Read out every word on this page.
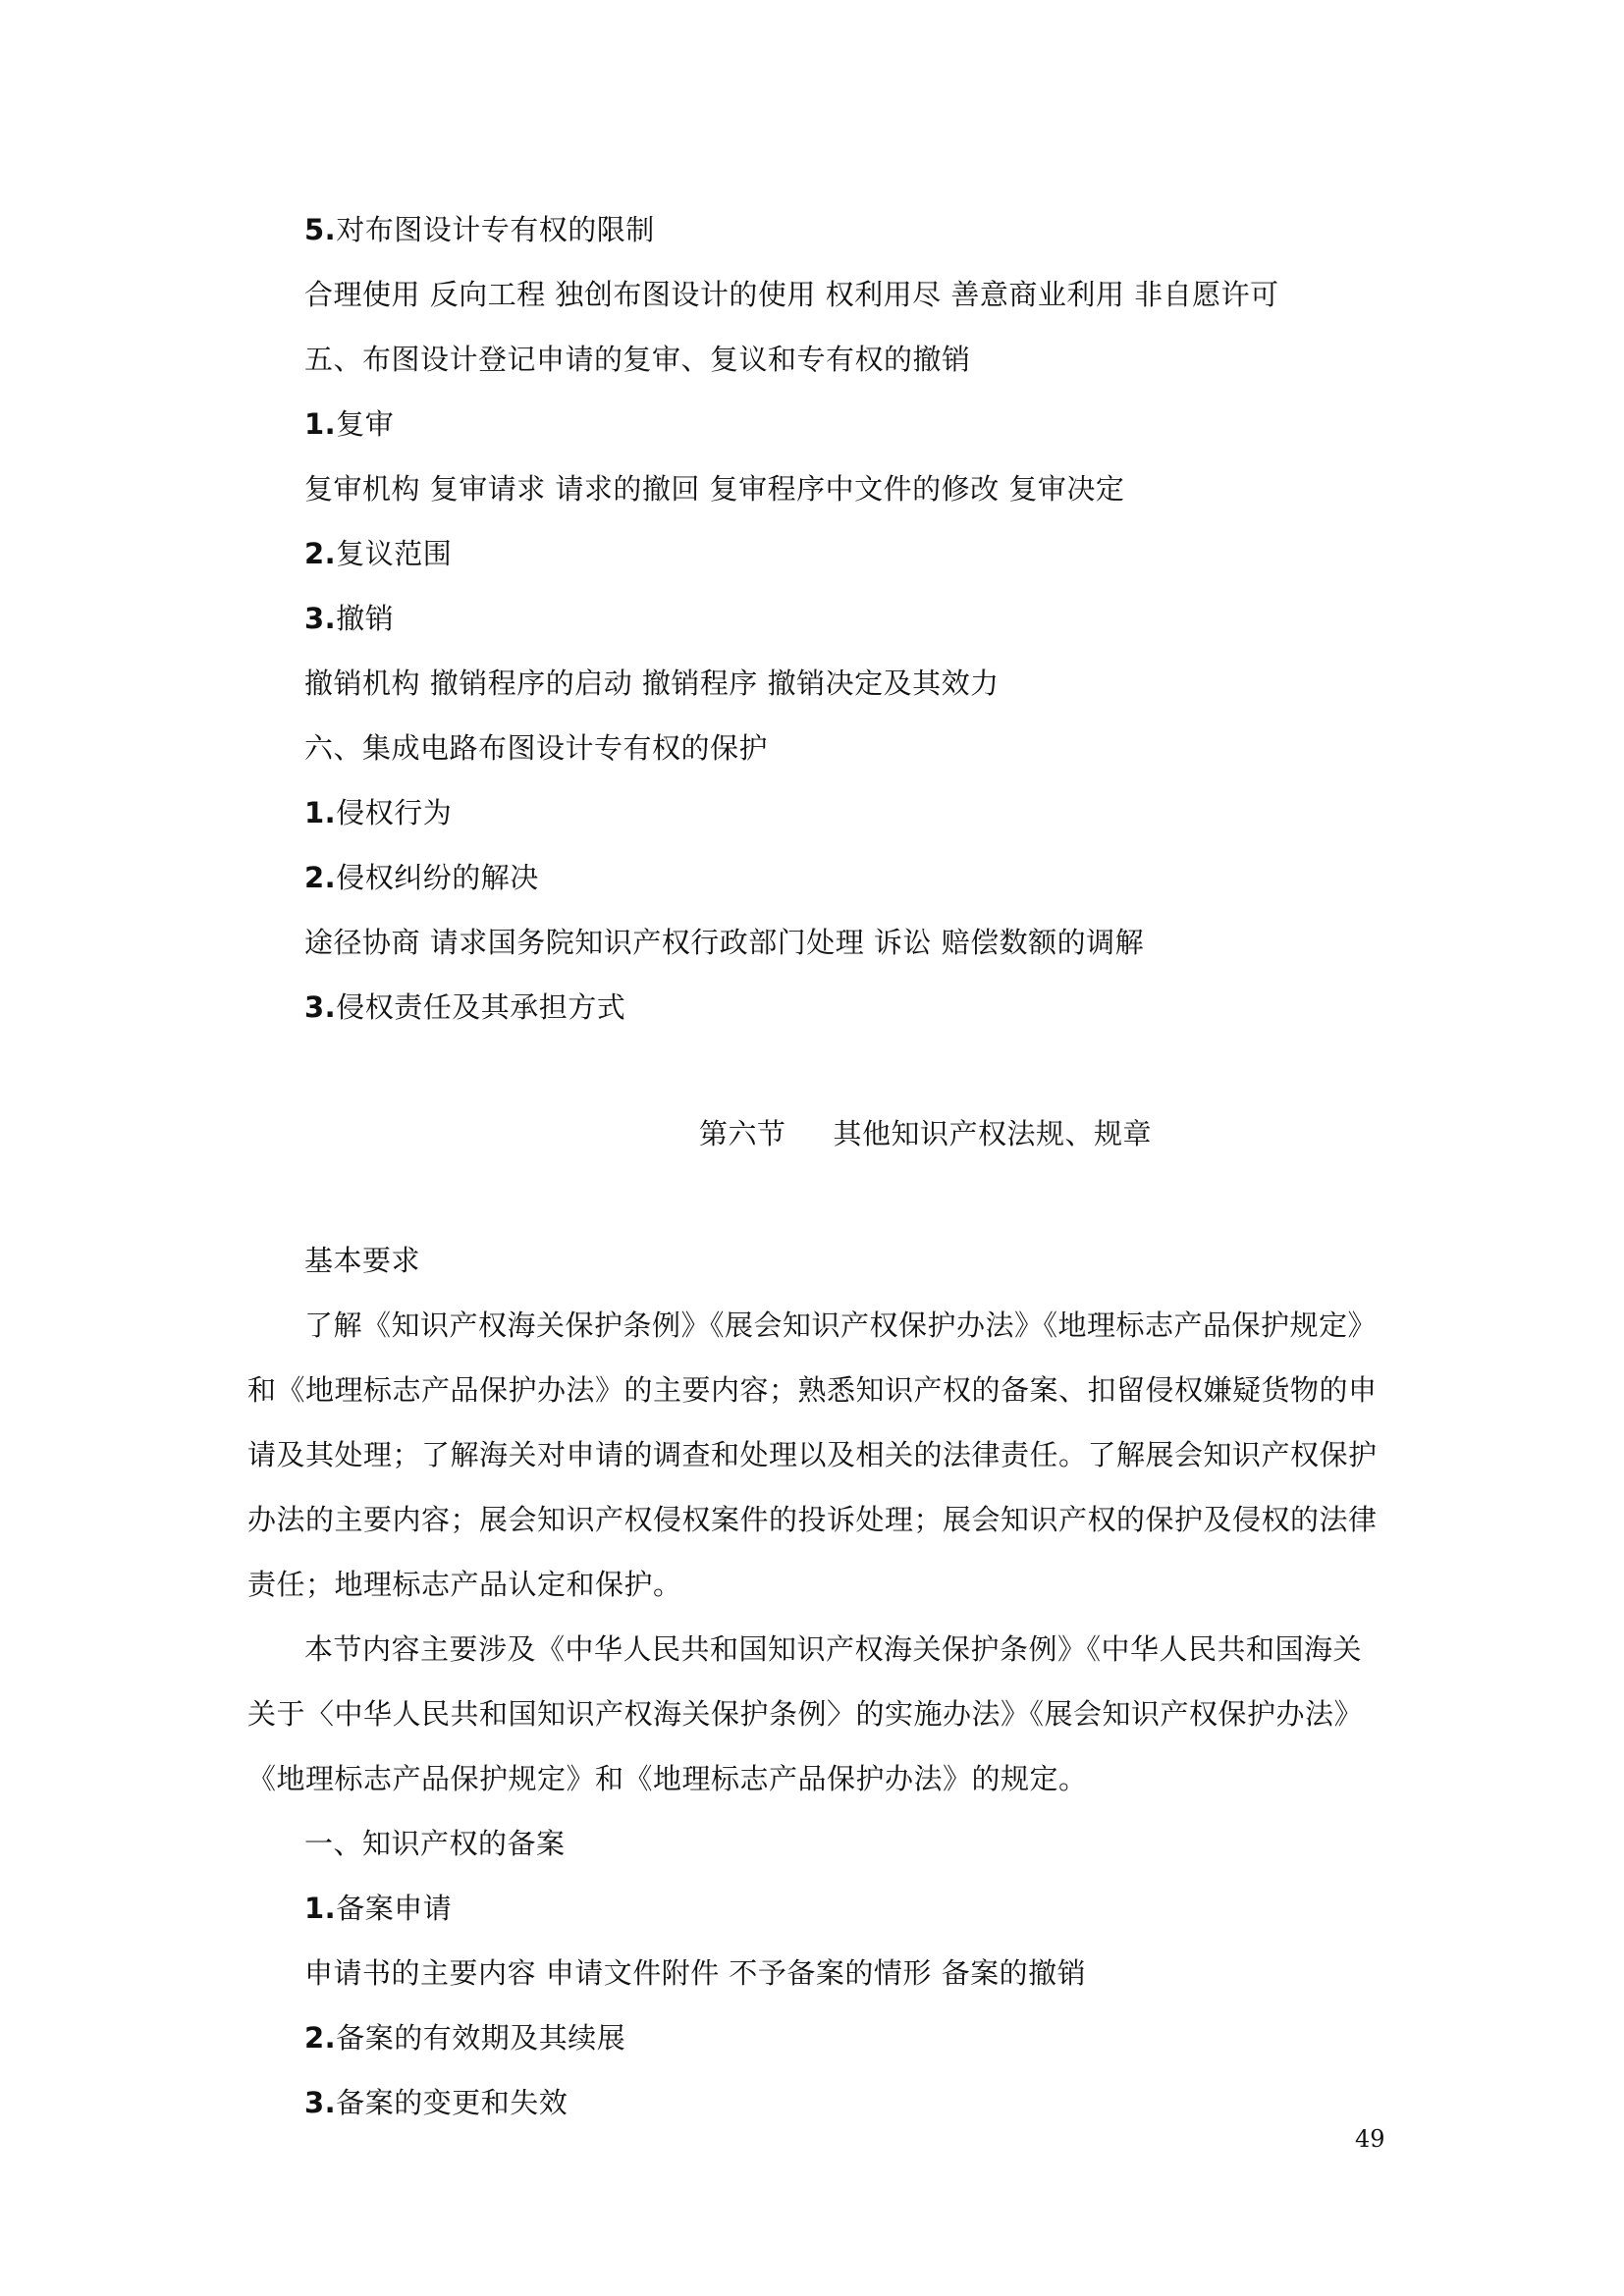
5.对布图设计专有权的限制
合理使用 反向工程 独创布图设计的使用 权利用尽 善意商业利用 非自愿许可
五、布图设计登记申请的复审、复议和专有权的撤销
1.复审
复审机构 复审请求 请求的撤回 复审程序中文件的修改 复审决定
2.复议范围
3.撤销
撤销机构 撤销程序的启动 撤销程序 撤销决定及其效力
六、集成电路布图设计专有权的保护
1.侵权行为
2.侵权纠纷的解决
途径协商 请求国务院知识产权行政部门处理 诉讼 赔偿数额的调解
3.侵权责任及其承担方式
第六节 其他知识产权法规、规章
基本要求
了解《知识产权海关保护条例》《展会知识产权保护办法》《地理标志产品保护规定》
和《地理标志产品保护办法》的主要内容；熟悉知识产权的备案、扣留侵权嫌疑货物的申
请及其处理；了解海关对申请的调查和处理以及相关的法律责任。了解展会知识产权保护
办法的主要内容；展会知识产权侵权案件的投诉处理；展会知识产权的保护及侵权的法律
责任；地理标志产品认定和保护。
本节内容主要涉及《中华人民共和国知识产权海关保护条例》《中华人民共和国海关
关于〈中华人民共和国知识产权海关保护条例〉的实施办法》《展会知识产权保护办法》
《地理标志产品保护规定》和《地理标志产品保护办法》的规定。
一、知识产权的备案
1.备案申请
申请书的主要内容 申请文件附件 不予备案的情形 备案的撤销
2.备案的有效期及其续展
3.备案的变更和失效
49
